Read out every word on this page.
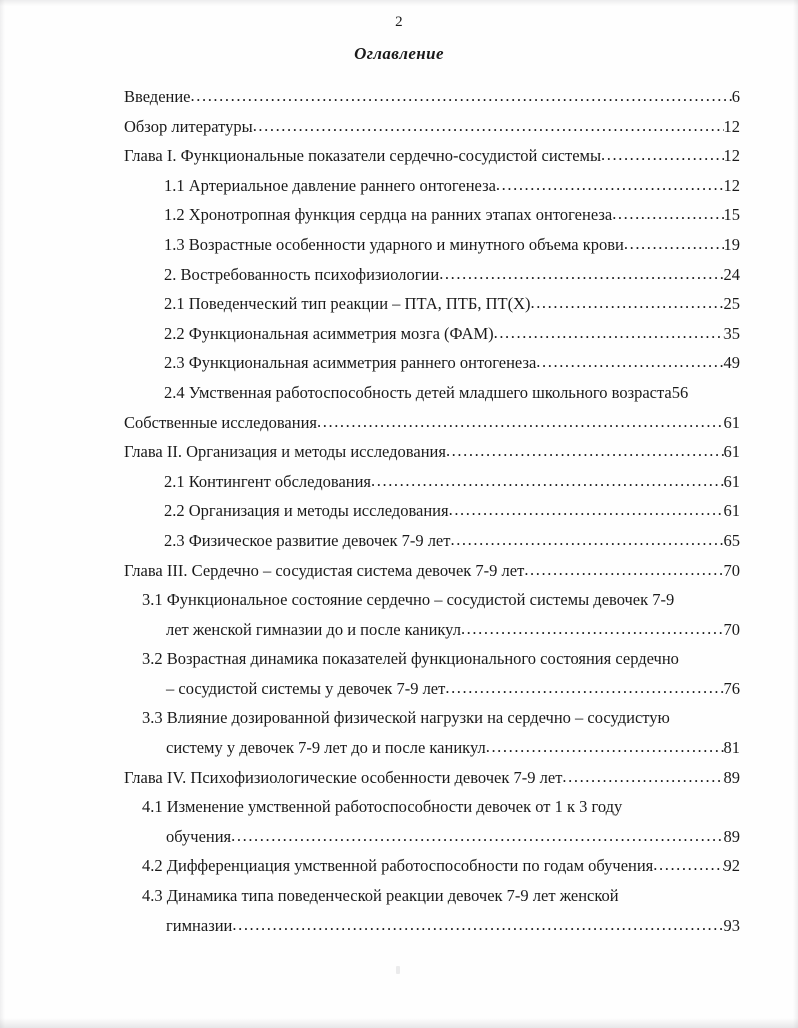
2
Оглавление
Введение .....	6
Обзор литературы .....	12
Глава I. Функциональные показатели сердечно-сосудистой системы .....	12
1.1 Артериальное давление раннего онтогенеза .....	12
1.2 Хронотропная функция сердца на ранних этапах онтогенеза .....	15
1.3 Возрастные особенности ударного и минутного объема крови .....	19
2. Востребованность психофизиологии .....	24
2.1 Поведенческий тип реакции – ПТА, ПТБ, ПТ(Х) .....	25
2.2 Функциональная асимметрия мозга (ФАМ) .....	35
2.3 Функциональная асимметрия раннего онтогенеза .....	49
2.4 Умственная работоспособность детей младшего школьного возраста 56
Собственные исследования .....	61
Глава II. Организация и методы исследования .....	61
2.1 Контингент обследования .....	61
2.2 Организация и методы исследования .....	61
2.3 Физическое развитие девочек 7-9 лет .....	65
Глава III. Сердечно – сосудистая система девочек 7-9 лет .....	70
3.1 Функциональное состояние сердечно – сосудистой системы девочек 7-9
лет женской гимназии до и после каникул .....	70
3.2 Возрастная динамика показателей функционального состояния сердечно
– сосудистой системы у девочек 7-9 лет .....	76
3.3 Влияние дозированной физической нагрузки на сердечно – сосудистую
систему у девочек 7-9 лет до и после каникул .....	81
Глава IV. Психофизиологические особенности девочек 7-9 лет .....	89
4.1 Изменение умственной работоспособности девочек от 1 к 3 году
обучения .....	89
4.2 Дифференциация умственной работоспособности по годам обучения .....	92
4.3 Динамика типа поведенческой реакции девочек 7-9 лет женской
гимназии .....	93
